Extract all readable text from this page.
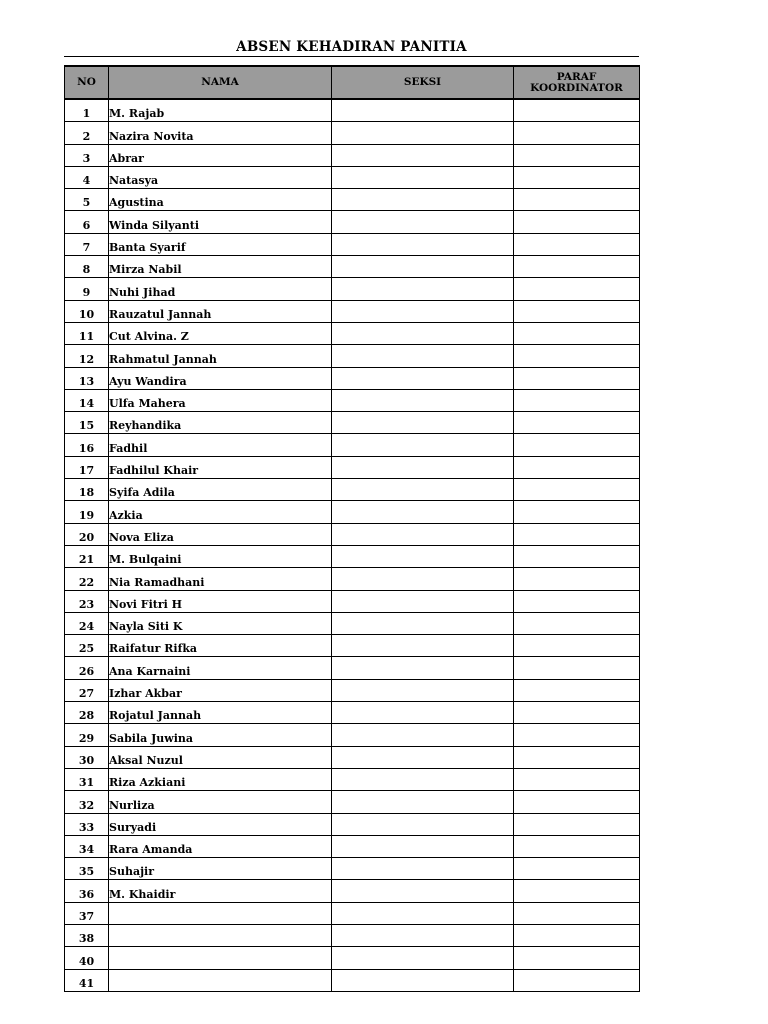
ABSEN KEHADIRAN PANITIA
NO	NAMA	SEKSI	PARAF
KOORDINATOR
1	M. Rajab		
2	Nazira Novita		
3	Abrar		
4	Natasya		
5	Agustina		
6	Winda Silyanti		
7	Banta Syarif		
8	Mirza Nabil		
9	Nuhi Jihad		
10	Rauzatul Jannah		
11	Cut Alvina. Z		
12	Rahmatul Jannah		
13	Ayu Wandira		
14	Ulfa Mahera		
15	Reyhandika		
16	Fadhil		
17	Fadhilul Khair		
18	Syifa Adila		
19	Azkia		
20	Nova Eliza		
21	M. Bulqaini		
22	Nia Ramadhani		
23	Novi Fitri H		
24	Nayla Siti K		
25	Raifatur Rifka		
26	Ana Karnaini		
27	Izhar Akbar		
28	Rojatul Jannah		
29	Sabila Juwina		
30	Aksal Nuzul		
31	Riza Azkiani		
32	Nurliza		
33	Suryadi		
34	Rara Amanda		
35	Suhajir		
36	M. Khaidir		
37			
38			
40			
41			
